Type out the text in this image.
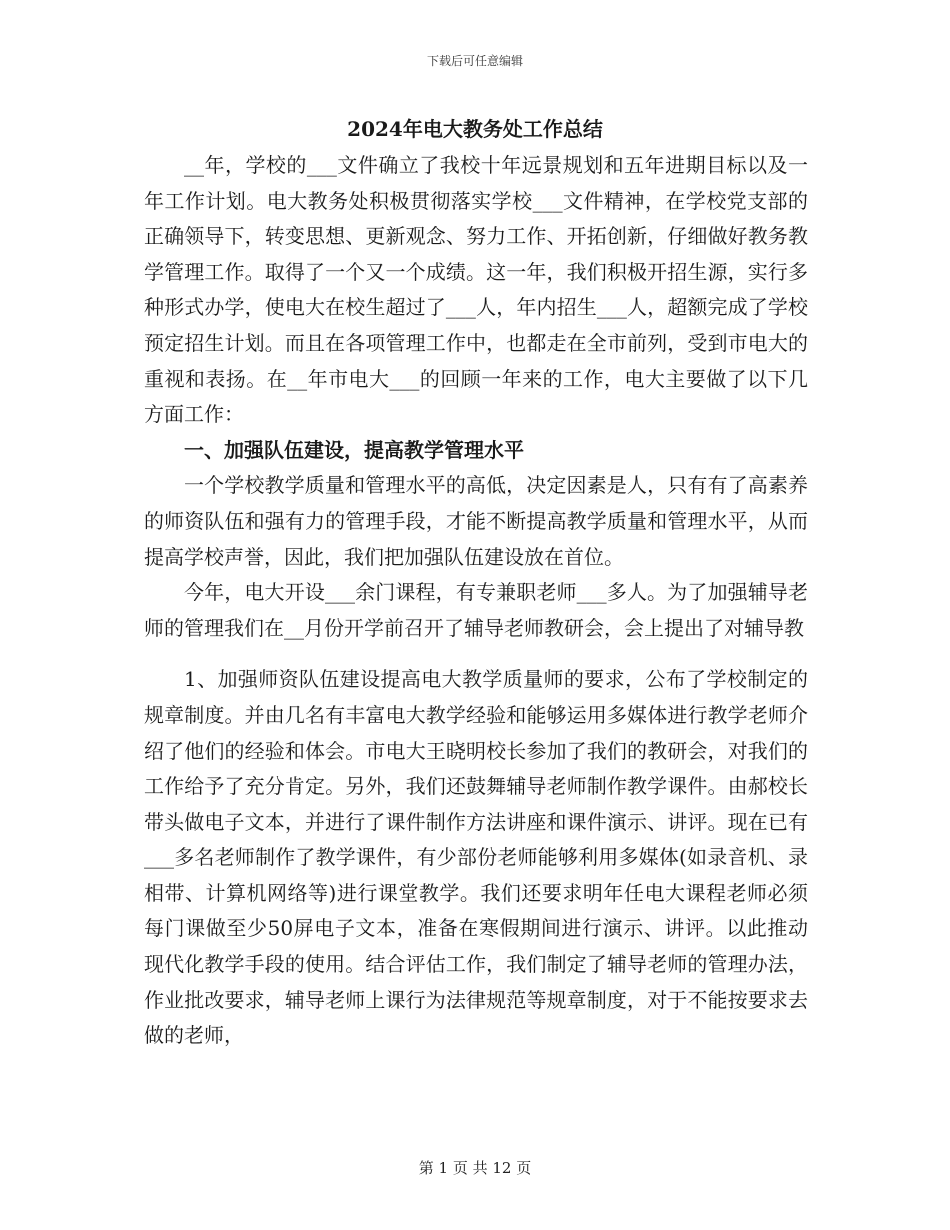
下载后可任意编辑
2024年电大教务处工作总结

__年，学校的___文件确立了我校十年远景规划和五年进期目标以及一年工作计划。电大教务处积极贯彻落实学校___文件精神，在学校党支部的正确领导下，转变思想、更新观念、努力工作、开拓创新，仔细做好教务教学管理工作。取得了一个又一个成绩。这一年，我们积极开招生源，实行多种形式办学，使电大在校生超过了___人，年内招生___人，超额完成了学校预定招生计划。而且在各项管理工作中，也都走在全市前列，受到市电大的重视和表扬。在__年市电大___的回顾一年来的工作，电大主要做了以下几方面工作：

一、加强队伍建设，提高教学管理水平

一个学校教学质量和管理水平的高低，决定因素是人，只有有了高素养的师资队伍和强有力的管理手段，才能不断提高教学质量和管理水平，从而提高学校声誉，因此，我们把加强队伍建设放在首位。

今年，电大开设___余门课程，有专兼职老师___多人。为了加强辅导老师的管理我们在__月份开学前召开了辅导老师教研会，会上提出了对辅导教

1、加强师资队伍建设提高电大教学质量师的要求，公布了学校制定的规章制度。并由几名有丰富电大教学经验和能够运用多媒体进行教学老师介绍了他们的经验和体会。市电大王晓明校长参加了我们的教研会，对我们的工作给予了充分肯定。另外，我们还鼓舞辅导老师制作教学课件。由郝校长带头做电子文本，并进行了课件制作方法讲座和课件演示、讲评。现在已有___多名老师制作了教学课件，有少部份老师能够利用多媒体(如录音机、录相带、计算机网络等)进行课堂教学。我们还要求明年任电大课程老师必须每门课做至少50屏电子文本，准备在寒假期间进行演示、讲评。以此推动现代化教学手段的使用。结合评估工作，我们制定了辅导老师的管理办法，作业批改要求，辅导老师上课行为法律规范等规章制度，对于不能按要求去做的老师，

第 1 页 共 12 页
